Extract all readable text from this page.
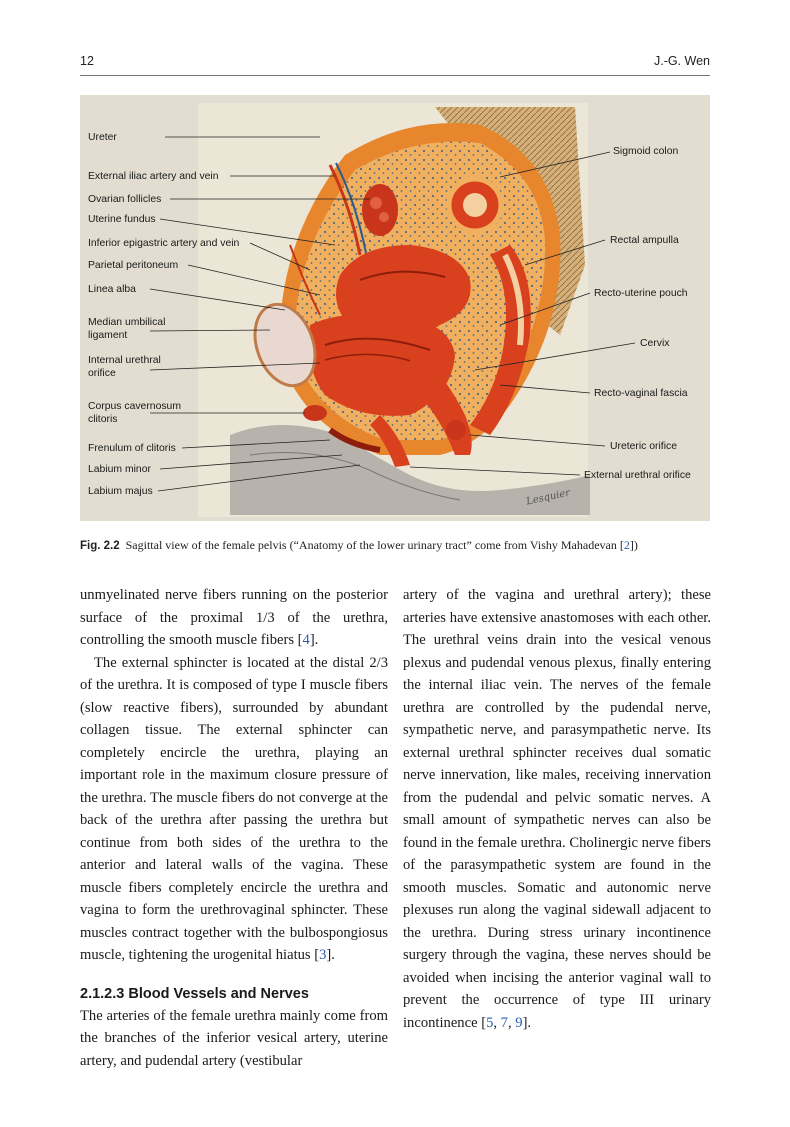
12	J.-G. Wen
Ureter
External iliac artery and vein
Ovarian follicles
Uterine fundus
Inferior epigastric artery and vein
Parietal peritoneum
Linea alba
Median umbilical
ligament
Internal urethral
orifice
Corpus cavernosum
clitoris
Frenulum of clitoris
Labium minor
Labium majus
Sigmoid colon
Rectal ampulla
Recto-uterine pouch
Cervix
Recto-vaginal fascia
Ureteric orifice
External urethral orifice
Lesquier
Fig. 2.2 Sagittal view of the female pelvis (“Anatomy of the lower urinary tract” come from Vishy Mahadevan [2])

unmyelinated nerve fibers running on the posterior surface of the proximal 1/3 of the urethra, controlling the smooth muscle fibers [4].

The external sphincter is located at the distal 2/3 of the urethra. It is composed of type I muscle fibers (slow reactive fibers), surrounded by abundant collagen tissue. The external sphincter can completely encircle the urethra, playing an important role in the maximum closure pressure of the urethra. The muscle fibers do not converge at the back of the urethra after passing the urethra but continue from both sides of the urethra to the anterior and lateral walls of the vagina. These muscle fibers completely encircle the urethra and vagina to form the urethrovaginal sphincter. These muscles contract together with the bulbospongiosus muscle, tightening the urogenital hiatus [3].

2.1.2.3 Blood Vessels and Nerves

The arteries of the female urethra mainly come from the branches of the inferior vesical artery, uterine artery, and pudendal artery (vestibular

artery of the vagina and urethral artery); these arteries have extensive anastomoses with each other. The urethral veins drain into the vesical venous plexus and pudendal venous plexus, finally entering the internal iliac vein. The nerves of the female urethra are controlled by the pudendal nerve, sympathetic nerve, and parasympathetic nerve. Its external urethral sphincter receives dual somatic nerve innervation, like males, receiving innervation from the pudendal and pelvic somatic nerves. A small amount of sympathetic nerves can also be found in the female urethra. Cholinergic nerve fibers of the parasympathetic system are found in the smooth muscles. Somatic and autonomic nerve plexuses run along the vaginal sidewall adjacent to the urethra. During stress urinary incontinence surgery through the vagina, these nerves should be avoided when incising the anterior vaginal wall to prevent the occurrence of type III urinary incontinence [5, 7, 9].
